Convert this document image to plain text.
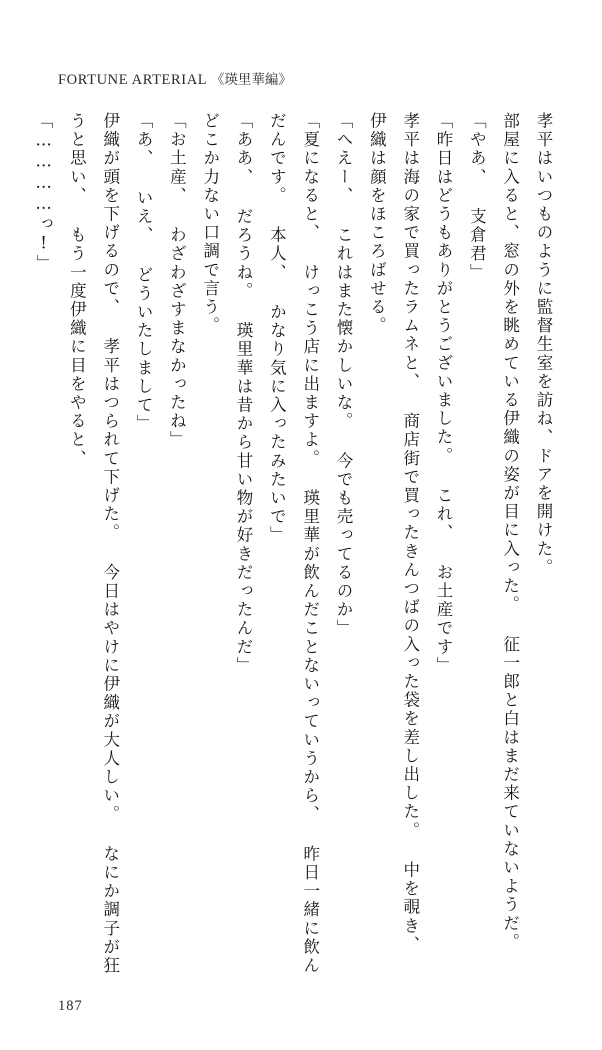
FORTUNE ARTERIAL 《瑛里華編》

孝平はいつものように監督生室を訪ね、ドアを開けた。

部屋に入ると、窓の外を眺めている伊織の姿が目に入った。 征一郎と白はまだ来ていないようだ。

「やあ、 支倉君」

「昨日はどうもありがとうございました。 これ、 お土産です」

孝平は海の家で買ったラムネと、 商店街で買ったきんつばの入った袋を差し出した。 中を覗き、 伊織は顔をほころばせる。

「へえー、 これはまた懐かしいな。 今でも売ってるのか」

「夏になると、 けっこう店に出ますよ。 瑛里華が飲んだことないっていうから、 昨日一緒に飲んだんです。 本人、 かなり気に入ったみたいで」

「ああ、 だろうね。 瑛里華は昔から甘い物が好きだったんだ」

どこか力ない口調で言う。

「お土産、 わざわざすまなかったね」

「あ、 いえ、 どういたしまして」

伊織が頭を下げるので、 孝平はつられて下げた。 今日はやけに伊織が大人しい。 なにか調子が狂うと思い、 もう一度伊織に目をやると、

「…………っ!」

187
